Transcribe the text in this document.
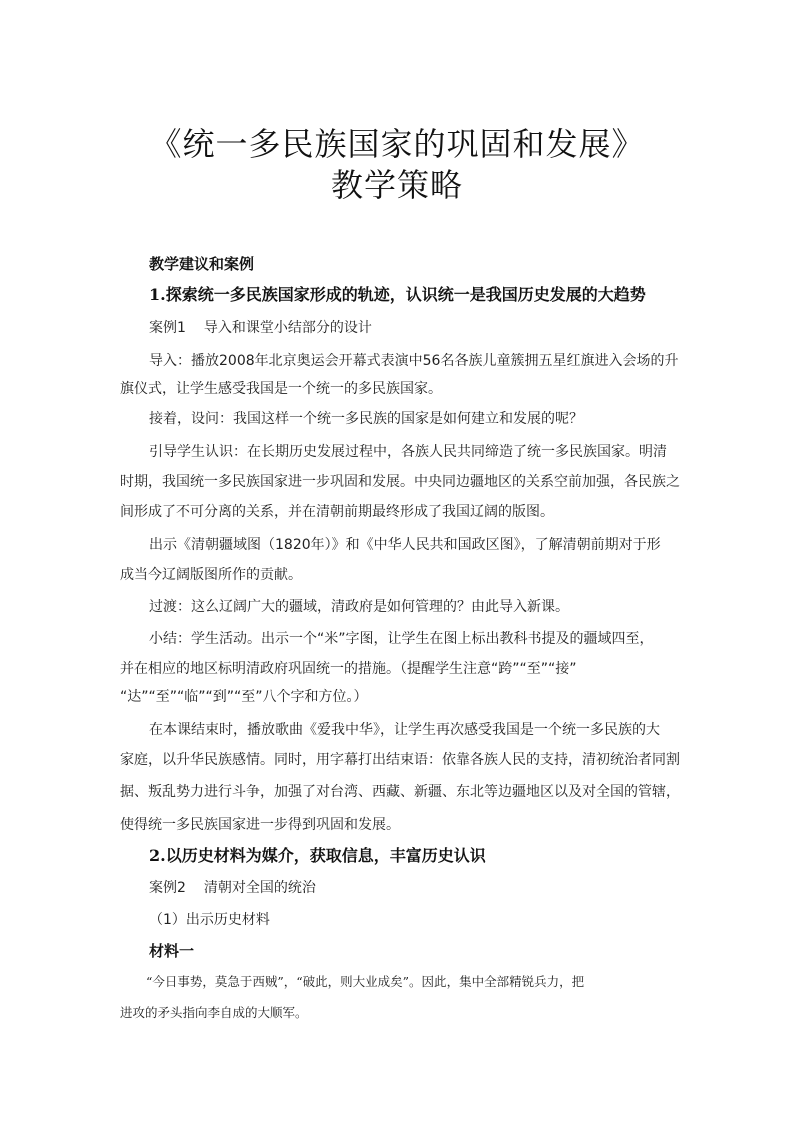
《统一多民族国家的巩固和发展》
教学策略
教学建议和案例
1.探索统一多民族国家形成的轨迹，认识统一是我国历史发展的大趋势
案例1 导入和课堂小结部分的设计
导入：播放2008年北京奥运会开幕式表演中56名各族儿童簇拥五星红旗进入会场的升
旗仪式，让学生感受我国是一个统一的多民族国家。
接着，设问：我国这样一个统一多民族的国家是如何建立和发展的呢？
引导学生认识：在长期历史发展过程中，各族人民共同缔造了统一多民族国家。明清
时期，我国统一多民族国家进一步巩固和发展。中央同边疆地区的关系空前加强，各民族之
间形成了不可分离的关系，并在清朝前期最终形成了我国辽阔的版图。
出示《清朝疆域图（1820年）》和《中华人民共和国政区图》，了解清朝前期对于形
成当今辽阔版图所作的贡献。
过渡：这么辽阔广大的疆域，清政府是如何管理的？由此导入新课。
小结：学生活动。出示一个“米”字图，让学生在图上标出教科书提及的疆域四至，
并在相应的地区标明清政府巩固统一的措施。（提醒学生注意“跨”“至”“接”
“达”“至”“临”“到”“至”八个字和方位。）
在本课结束时，播放歌曲《爱我中华》，让学生再次感受我国是一个统一多民族的大
家庭，以升华民族感情。同时，用字幕打出结束语：依靠各族人民的支持，清初统治者同割
据、叛乱势力进行斗争，加强了对台湾、西藏、新疆、东北等边疆地区以及对全国的管辖，
使得统一多民族国家进一步得到巩固和发展。
2.以历史材料为媒介，获取信息，丰富历史认识
案例2 清朝对全国的统治
（1）出示历史材料
材料一
“今日事势，莫急于西贼”，“破此，则大业成矣”。因此，集中全部精锐兵力，把
进攻的矛头指向李自成的大顺军。
